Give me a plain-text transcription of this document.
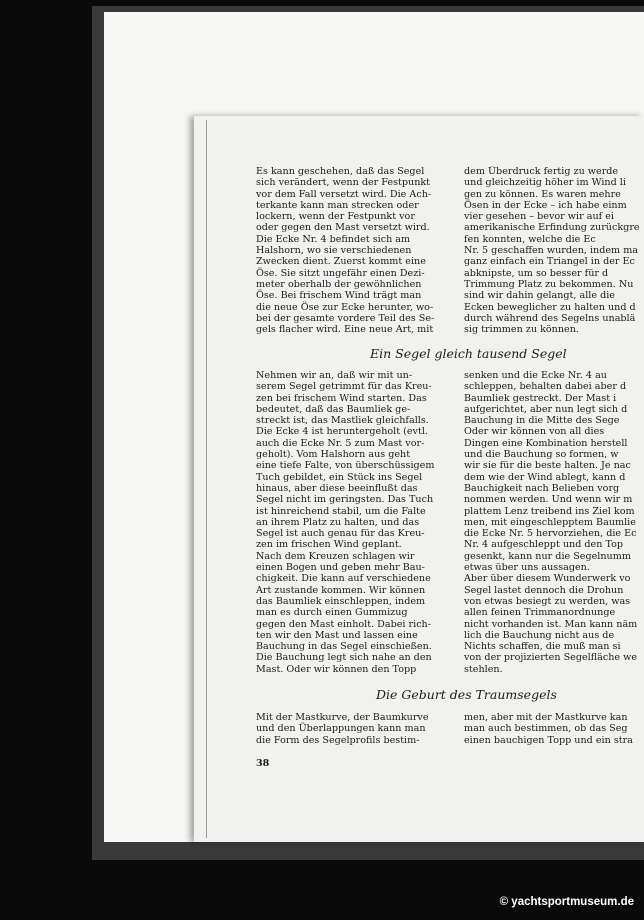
Es kann geschehen, daß das Segel
sich verändert, wenn der Festpunkt
vor dem Fall versetzt wird. Die Ach-
terkante kann man strecken oder
lockern, wenn der Festpunkt vor
oder gegen den Mast versetzt wird.
Die Ecke Nr. 4 befindet sich am
Halshorn, wo sie verschiedenen
Zwecken dient. Zuerst kommt eine
Öse. Sie sitzt ungefähr einen Dezi-
meter oberhalb der gewöhnlichen
Öse. Bei frischem Wind trägt man
die neue Öse zur Ecke herunter, wo-
bei der gesamte vordere Teil des Se-
gels flacher wird. Eine neue Art, mit
dem Überdruck fertig zu werde
und gleichzeitig höher im Wind li
gen zu können. Es waren mehre
Ösen in der Ecke – ich habe einm
vier gesehen – bevor wir auf ei
amerikanische Erfindung zurückgre
fen konnten, welche die Ec
Nr. 5 geschaffen wurden, indem ma
ganz einfach ein Triangel in der Ec
abknipste, um so besser für d
Trimmung Platz zu bekommen. Nu
sind wir dahin gelangt, alle die
Ecken beweglicher zu halten und d
durch während des Segelns unablä
sig trimmen zu können.
Ein Segel gleich tausend Segel
Nehmen wir an, daß wir mit un-
serem Segel getrimmt für das Kreu-
zen bei frischem Wind starten. Das
bedeutet, daß das Baumliek ge-
streckt ist, das Mastliek gleichfalls.
Die Ecke 4 ist heruntergeholt (evtl.
auch die Ecke Nr. 5 zum Mast vor-
geholt). Vom Halshorn aus geht
eine tiefe Falte, von überschüssigem
Tuch gebildet, ein Stück ins Segel
hinaus, aber diese beeinflußt das
Segel nicht im geringsten. Das Tuch
ist hinreichend stabil, um die Falte
an ihrem Platz zu halten, und das
Segel ist auch genau für das Kreu-
zen im frischen Wind geplant.
Nach dem Kreuzen schlagen wir
einen Bogen und geben mehr Bau-
chigkeit. Die kann auf verschiedene
Art zustande kommen. Wir können
das Baumliek einschleppen, indem
man es durch einen Gummizug
gegen den Mast einholt. Dabei rich-
ten wir den Mast und lassen eine
Bauchung in das Segel einschießen.
Die Bauchung legt sich nahe an den
Mast. Oder wir können den Topp
senken und die Ecke Nr. 4 au
schleppen, behalten dabei aber d
Baumliek gestreckt. Der Mast i
aufgerichtet, aber nun legt sich d
Bauchung in die Mitte des Sege
Oder wir können von all dies
Dingen eine Kombination herstell
und die Bauchung so formen, w
wir sie für die beste halten. Je nac
dem wie der Wind ablegt, kann d
Bauchigkeit nach Belieben vorg
nommen werden. Und wenn wir m
plattem Lenz treibend ins Ziel kom
men, mit eingeschlepptem Baumlie
die Ecke Nr. 5 hervorziehen, die Ec
Nr. 4 aufgeschleppt und den Top
gesenkt, kann nur die Segelnumm
etwas über uns aussagen.
Aber über diesem Wunderwerk vo
Segel lastet dennoch die Drohun
von etwas besiegt zu werden, was
allen feinen Trimmanordnunge
nicht vorhanden ist. Man kann näm
lich die Bauchung nicht aus de
Nichts schaffen, die muß man si
von der projizierten Segelfläche we
stehlen.
Die Geburt des Traumsegels
Mit der Mastkurve, der Baumkurve
und den Überlappungen kann man
die Form des Segelprofils bestim-
men, aber mit der Mastkurve kan
man auch bestimmen, ob das Seg
einen bauchigen Topp und ein stra
38
© yachtsportmuseum.de
